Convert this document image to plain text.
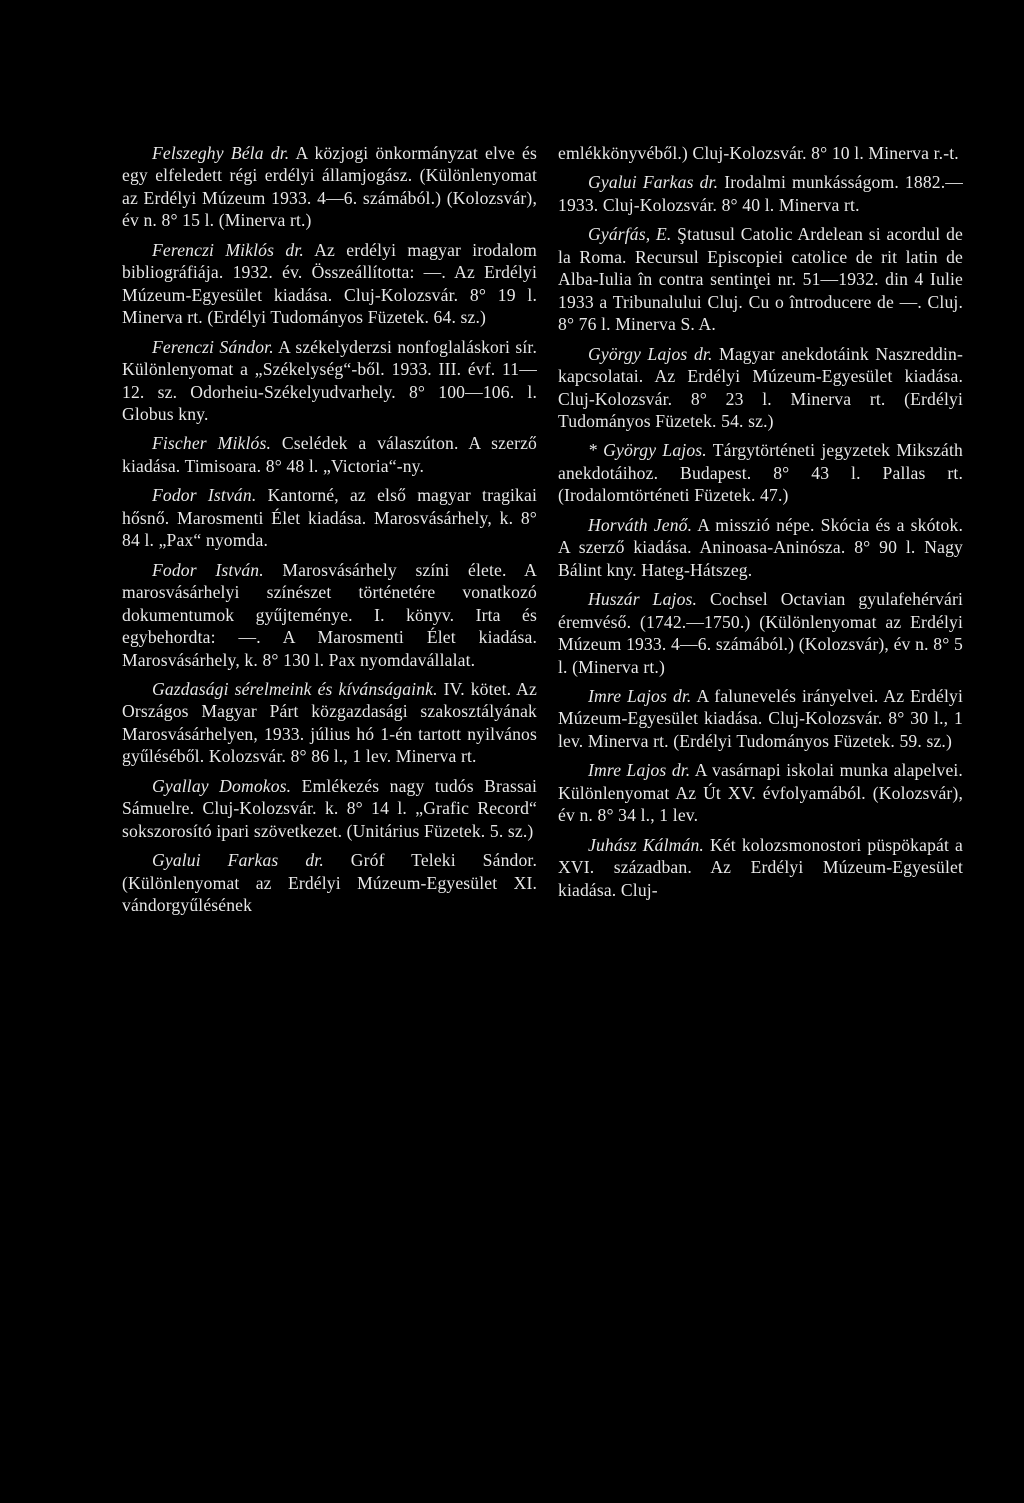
Felszeghy Béla dr. A közjogi önkormányzat elve és egy elfeledett régi erdélyi államjogász. (Különlenyomat az Erdélyi Múzeum 1933. 4—6. számából.) (Kolozsvár), év n. 8° 15 l. (Minerva rt.)

Ferenczi Miklós dr. Az erdélyi magyar irodalom bibliográfiája. 1932. év. Összeállította: —. Az Erdélyi Múzeum-Egyesület kiadása. Cluj-Kolozsvár. 8° 19 l. Minerva rt. (Erdélyi Tudományos Füzetek. 64. sz.)

Ferenczi Sándor. A székelyderzsi nonfoglaláskori sír. Különlenyomat a „Székelység“-ből. 1933. III. évf. 11—12. sz. Odorheiu-Székelyudvarhely. 8° 100—106. l. Globus kny.

Fischer Miklós. Cselédek a válaszúton. A szerző kiadása. Timisoara. 8° 48 l. „Victoria“-ny.

Fodor István. Kantorné, az első magyar tragikai hősnő. Marosmenti Élet kiadása. Marosvásárhely, k. 8° 84 l. „Pax“ nyomda.

Fodor István. Marosvásárhely színi élete. A marosvásárhelyi színészet történetére vonatkozó dokumentumok gyűjteménye. I. könyv. Irta és egybehordta: —. A Marosmenti Élet kiadása. Marosvásárhely, k. 8° 130 l. Pax nyomdavállalat.

Gazdasági sérelmeink és kívánságaink. IV. kötet. Az Országos Magyar Párt közgazdasági szakosztályának Marosvásárhelyen, 1933. július hó 1-én tartott nyilvános gyűléséből. Kolozsvár. 8° 86 l., 1 lev. Minerva rt.

Gyallay Domokos. Emlékezés nagy tudós Brassai Sámuelre. Cluj-Kolozsvár. k. 8° 14 l. „Grafic Record“ sokszorosító ipari szövetkezet. (Unitárius Füzetek. 5. sz.)

Gyalui Farkas dr. Gróf Teleki Sándor. (Különlenyomat az Erdélyi Múzeum-Egyesület XI. vándorgyűlésének

emlékkönyvéből.) Cluj-Kolozsvár. 8° 10 l. Minerva r.-t.

Gyalui Farkas dr. Irodalmi munkásságom. 1882.—1933. Cluj-Kolozsvár. 8° 40 l. Minerva rt.

Gyárfás, E. Ştatusul Catolic Ardelean si acordul de la Roma. Recursul Episcopiei catolice de rit latin de Alba-Iulia în contra sentinţei nr. 51—1932. din 4 Iulie 1933 a Tribunalului Cluj. Cu o întroducere de —. Cluj. 8° 76 l. Minerva S. A.

György Lajos dr. Magyar anekdotáink Naszreddin-kapcsolatai. Az Erdélyi Múzeum-Egyesület kiadása. Cluj-Kolozsvár. 8° 23 l. Minerva rt. (Erdélyi Tudományos Füzetek. 54. sz.)

* György Lajos. Tárgytörténeti jegyzetek Mikszáth anekdotáihoz. Budapest. 8° 43 l. Pallas rt. (Irodalomtörténeti Füzetek. 47.)

Horváth Jenő. A misszió népe. Skócia és a skótok. A szerző kiadása. Aninoasa-Aninósza. 8° 90 l. Nagy Bálint kny. Hateg-Hátszeg.

Huszár Lajos. Cochsel Octavian gyulafehérvári éremvéső. (1742.—1750.) (Különlenyomat az Erdélyi Múzeum 1933. 4—6. számából.) (Kolozsvár), év n. 8° 5 l. (Minerva rt.)

Imre Lajos dr. A falunevelés irányelvei. Az Erdélyi Múzeum-Egyesület kiadása. Cluj-Kolozsvár. 8° 30 l., 1 lev. Minerva rt. (Erdélyi Tudományos Füzetek. 59. sz.)

Imre Lajos dr. A vasárnapi iskolai munka alapelvei. Különlenyomat Az Út XV. évfolyamából. (Kolozsvár), év n. 8° 34 l., 1 lev.

Juhász Kálmán. Két kolozsmonostori püspökapát a XVI. században. Az Erdélyi Múzeum-Egyesület kiadása. Cluj-
